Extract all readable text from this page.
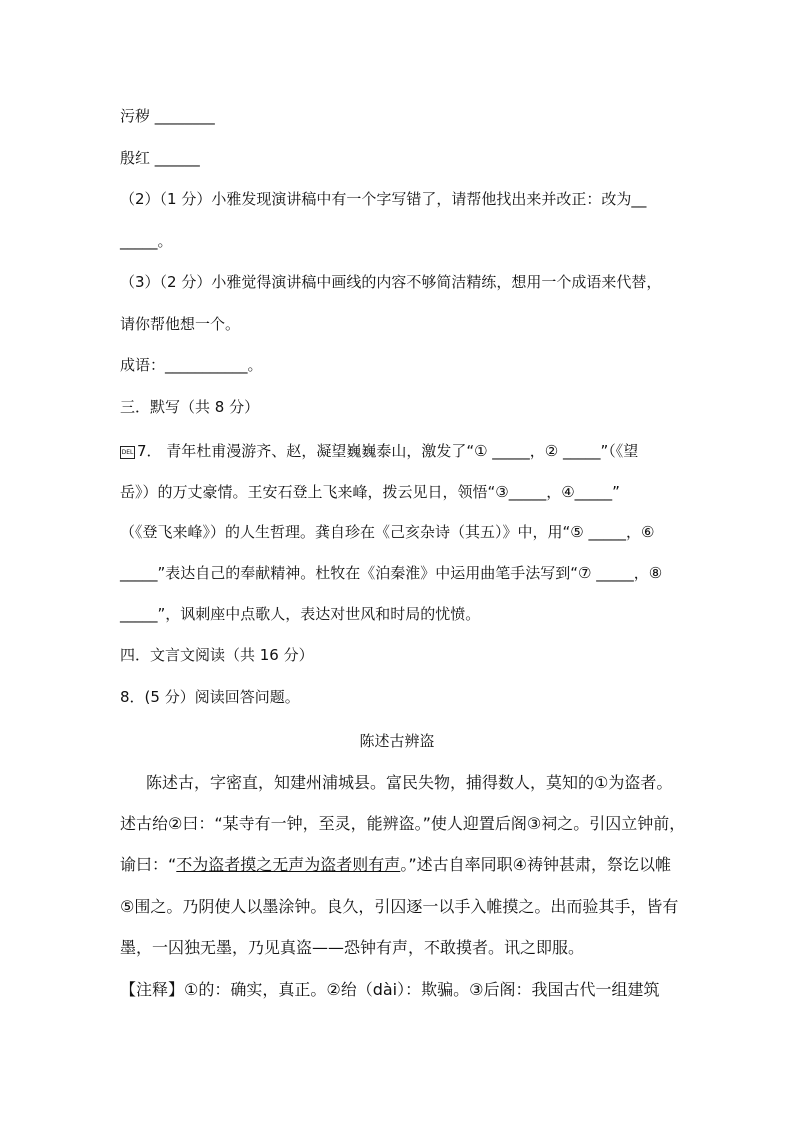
污秽 ________
殷红 ______
（2）（1 分）小雅发现演讲稿中有一个字写错了，请帮他找出来并改正：改为__
_____。
（3）（2 分）小雅觉得演讲稿中画线的内容不够简洁精练，想用一个成语来代替，
请你帮他想一个。
成语：___________。
三．默写（共 8 分）
DEL 7． 青年杜甫漫游齐、赵，凝望巍巍泰山，激发了“① _____，② _____”（《望
岳》）的万丈豪情。王安石登上飞来峰，拨云见日，领悟“③_____，④_____”
（《登飞来峰》）的人生哲理。龚自珍在《己亥杂诗（其五）》中，用“⑤ _____，⑥
_____”表达自己的奉献精神。杜牧在《泊秦淮》中运用曲笔手法写到“⑦ _____，⑧
_____”，讽刺座中点歌人，表达对世风和时局的忧愤。
四．文言文阅读（共 16 分）
8．(5 分）阅读回答问题。
陈述古辨盗
陈述古，字密直，知建州浦城县。富民失物，捕得数人，莫知的①为盗者。
述古绐②曰：“某寺有一钟，至灵，能辨盗。”使人迎置后阁③祠之。引囚立钟前，
谕曰：“不为盗者摸之无声为盗者则有声。”述古自率同职④祷钟甚肃，祭讫以帷
⑤围之。乃阴使人以墨涂钟。良久，引囚逐一以手入帷摸之。出而验其手，皆有
墨，一囚独无墨，乃见真盗——恐钟有声，不敢摸者。讯之即服。
【注释】①的：确实，真正。②绐（dài）：欺骗。③后阁：我国古代一组建筑
